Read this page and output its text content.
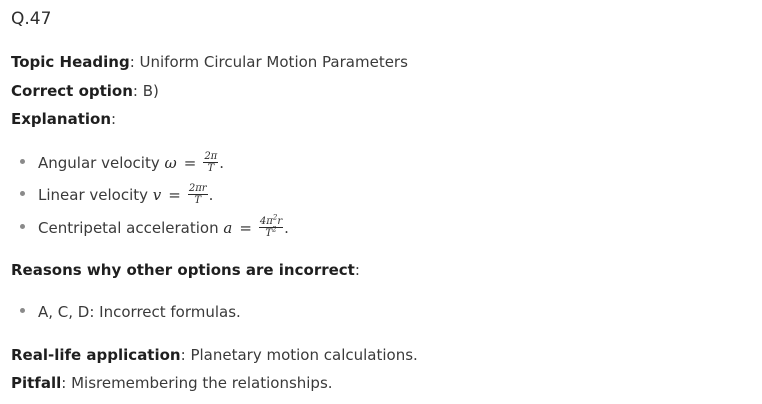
Q.47
Topic Heading: Uniform Circular Motion Parameters
Correct option: B)
Explanation:
Angular velocity $\omega = \frac{2\pi}{T}$ .
Linear velocity $v = \frac{2\pi r}{T}$ .
Centripetal acceleration $a = \frac{4\pi^2r}{T^2}$ .
Reasons why other options are incorrect:
A, C, D: Incorrect formulas.
Real-life application: Planetary motion calculations.
Pitfall: Misremembering the relationships.
